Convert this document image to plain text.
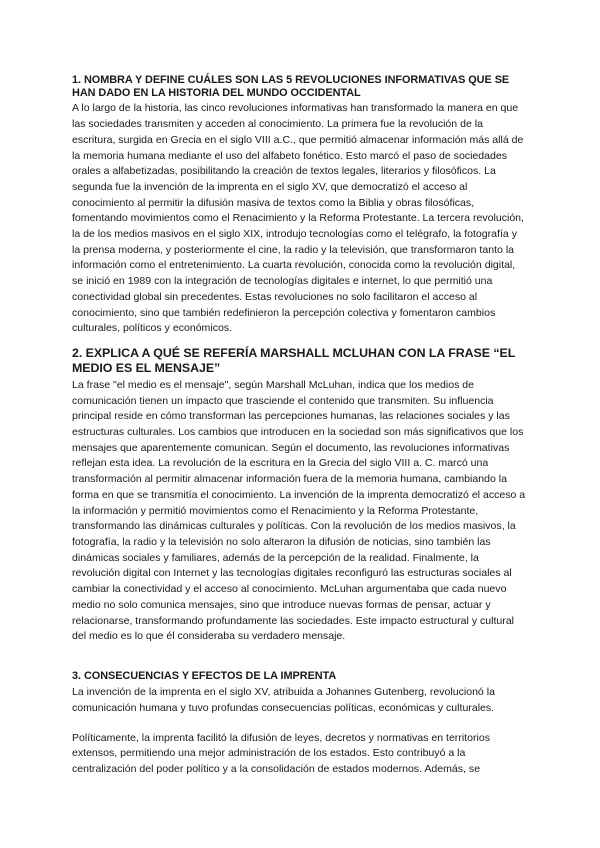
1. NOMBRA Y DEFINE CUÁLES SON LAS 5 REVOLUCIONES INFORMATIVAS QUE SE HAN DADO EN LA HISTORIA DEL MUNDO OCCIDENTAL

A lo largo de la historia, las cinco revoluciones informativas han transformado la manera en que las sociedades transmiten y acceden al conocimiento. La primera fue la revolución de la escritura, surgida en Grecia en el siglo VIII a.C., que permitió almacenar información más allá de la memoria humana mediante el uso del alfabeto fonético. Esto marcó el paso de sociedades orales a alfabetizadas, posibilitando la creación de textos legales, literarios y filosóficos. La segunda fue la invención de la imprenta en el siglo XV, que democratizó el acceso al conocimiento al permitir la difusión masiva de textos como la Biblia y obras filosóficas, fomentando movimientos como el Renacimiento y la Reforma Protestante. La tercera revolución, la de los medios masivos en el siglo XIX, introdujo tecnologías como el telégrafo, la fotografía y la prensa moderna, y posteriormente el cine, la radio y la televisión, que transformaron tanto la información como el entretenimiento. La cuarta revolución, conocida como la revolución digital, se inició en 1989 con la integración de tecnologías digitales e internet, lo que permitió una conectividad global sin precedentes. Estas revoluciones no solo facilitaron el acceso al conocimiento, sino que también redefinieron la percepción colectiva y fomentaron cambios culturales, políticos y económicos.

2. EXPLICA A QUÉ SE REFERÍA MARSHALL MCLUHAN CON LA FRASE “EL MEDIO ES EL MENSAJE”

La frase "el medio es el mensaje", según Marshall McLuhan, indica que los medios de comunicación tienen un impacto que trasciende el contenido que transmiten. Su influencia principal reside en cómo transforman las percepciones humanas, las relaciones sociales y las estructuras culturales. Los cambios que introducen en la sociedad son más significativos que los mensajes que aparentemente comunican. Según el documento, las revoluciones informativas reflejan esta idea. La revolución de la escritura en la Grecia del siglo VIII a. C. marcó una transformación al permitir almacenar información fuera de la memoria humana, cambiando la forma en que se transmitía el conocimiento. La invención de la imprenta democratizó el acceso a la información y permitió movimientos como el Renacimiento y la Reforma Protestante, transformando las dinámicas culturales y políticas. Con la revolución de los medios masivos, la fotografía, la radio y la televisión no solo alteraron la difusión de noticias, sino también las dinámicas sociales y familiares, además de la percepción de la realidad. Finalmente, la revolución digital con Internet y las tecnologías digitales reconfiguró las estructuras sociales al cambiar la conectividad y el acceso al conocimiento. McLuhan argumentaba que cada nuevo medio no solo comunica mensajes, sino que introduce nuevas formas de pensar, actuar y relacionarse, transformando profundamente las sociedades. Este impacto estructural y cultural del medio es lo que él consideraba su verdadero mensaje.

3. CONSECUENCIAS Y EFECTOS DE LA IMPRENTA

La invención de la imprenta en el siglo XV, atribuida a Johannes Gutenberg, revolucionó la comunicación humana y tuvo profundas consecuencias políticas, económicas y culturales.

Políticamente, la imprenta facilitó la difusión de leyes, decretos y normativas en territorios extensos, permitiendo una mejor administración de los estados. Esto contribuyó a la centralización del poder político y a la consolidación de estados modernos. Además, se
